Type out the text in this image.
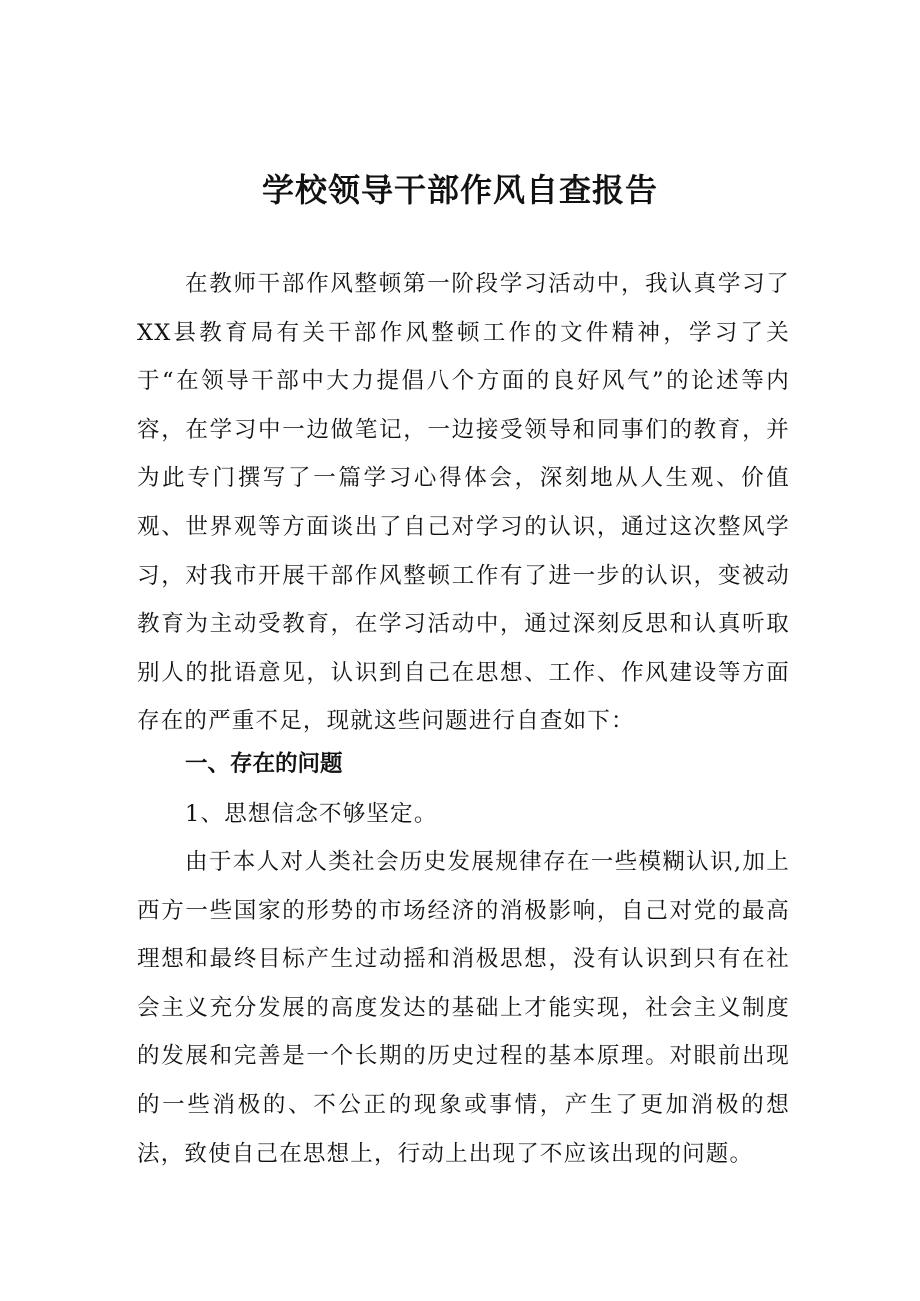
学校领导干部作风自查报告

在教师干部作风整顿第一阶段学习活动中，我认真学习了XX县教育局有关干部作风整顿工作的文件精神，学习了关于“在领导干部中大力提倡八个方面的良好风气”的论述等内容，在学习中一边做笔记，一边接受领导和同事们的教育，并为此专门撰写了一篇学习心得体会，深刻地从人生观、价值观、世界观等方面谈出了自己对学习的认识，通过这次整风学习，对我市开展干部作风整顿工作有了进一步的认识，变被动教育为主动受教育，在学习活动中，通过深刻反思和认真听取别人的批语意见，认识到自己在思想、工作、作风建设等方面存在的严重不足，现就这些问题进行自查如下：

一、存在的问题

1、思想信念不够坚定。

由于本人对人类社会历史发展规律存在一些模糊认识,加上西方一些国家的形势的市场经济的消极影响，自己对党的最高理想和最终目标产生过动摇和消极思想，没有认识到只有在社会主义充分发展的高度发达的基础上才能实现，社会主义制度的发展和完善是一个长期的历史过程的基本原理。对眼前出现的一些消极的、不公正的现象或事情，产生了更加消极的想法，致使自己在思想上，行动上出现了不应该出现的问题。
